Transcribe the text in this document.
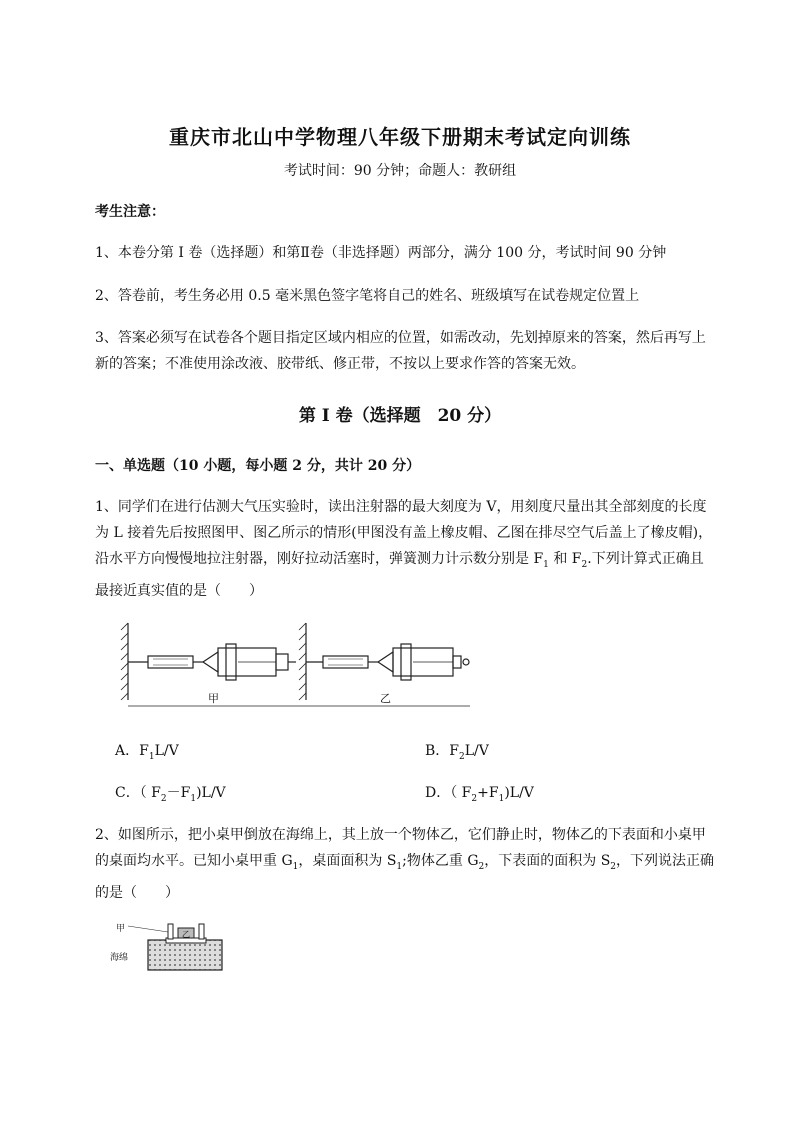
重庆市北山中学物理八年级下册期末考试定向训练
考试时间：90 分钟；命题人：教研组
考生注意：
1、本卷分第 I 卷（选择题）和第Ⅱ卷（非选择题）两部分，满分 100 分，考试时间 90 分钟
2、答卷前，考生务必用 0.5 毫米黑色签字笔将自己的姓名、班级填写在试卷规定位置上
3、答案必须写在试卷各个题目指定区域内相应的位置，如需改动，先划掉原来的答案，然后再写上新的答案；不准使用涂改液、胶带纸、修正带，不按以上要求作答的答案无效。
第 I 卷（选择题　20 分）
一、单选题（10 小题，每小题 2 分，共计 20 分）
1、同学们在进行估测大气压实验时，读出注射器的最大刻度为 V，用刻度尺量出其全部刻度的长度为 L 接着先后按照图甲、图乙所示的情形(甲图没有盖上橡皮帽、乙图在排尽空气后盖上了橡皮帽)，沿水平方向慢慢地拉注射器，刚好拉动活塞时，弹簧测力计示数分别是 $F_1$ 和 $F_2$.下列计算式正确且最接近真实值的是（　　）
甲	乙
A．$F_1L/V$	B．$F_2L/V$
C．（ $F_2-F_1)L/V$	D．（ $F_2+F_1)L/V$
2、如图所示，把小桌甲倒放在海绵上，其上放一个物体乙，它们静止时，物体乙的下表面和小桌甲的桌面均水平。已知小桌甲重 $G_1$，桌面面积为 $S_1$;物体乙重 $G_2$，下表面的面积为 $S_2$，下列说法正确的是（　　）
甲
乙
海绵
